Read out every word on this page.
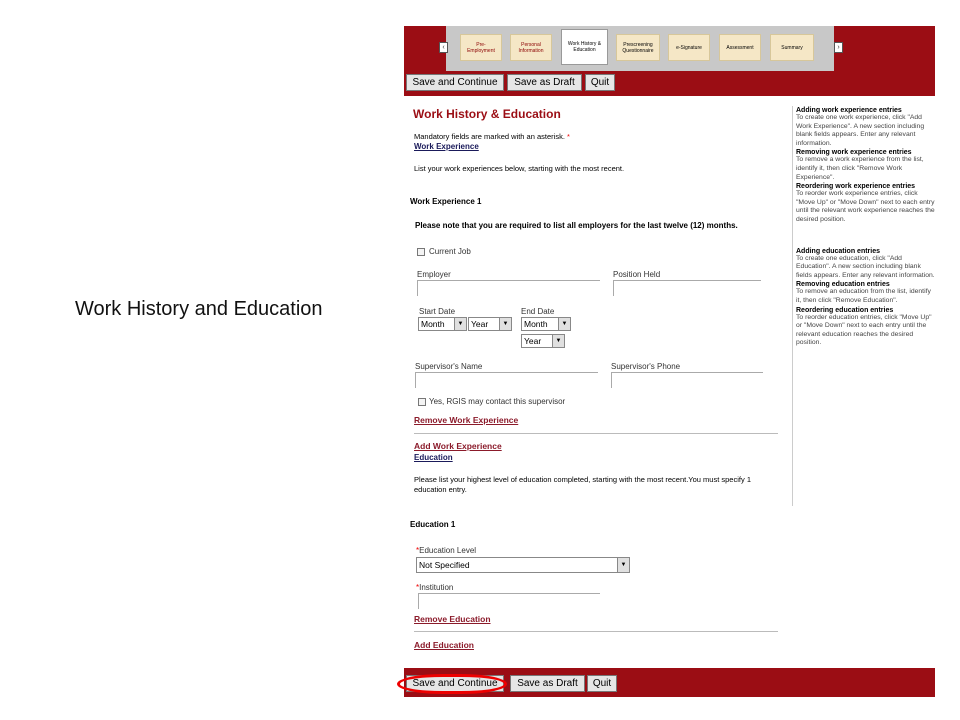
Work History and Education
‹	Pre-
Employment
Personal
Information
Work History &
Education
Prescreening
Questionnaire	e-Signature	Assessment	Summary	›
Save and Continue	Save as Draft	Quit
Work History & Education
Mandatory fields are marked with an asterisk. *
Work Experience
List your work experiences below, starting with the most recent.
Work Experience 1
Please note that you are required to list all employers for the last twelve (12) months.
Current Job
Employer	Position Held
Start Date
Month	▼ Year	▼
End Date
Month	▼
Year	▼
Supervisor's Name	Supervisor's Phone
Yes, RGIS may contact this supervisor
Remove Work Experience
Add Work Experience
Education
Please list your highest level of education completed, starting with the most recent.You must specify 1 education entry.
Education 1
*Education Level
Not Specified	▼
*Institution
Remove Education
Add Education
Adding work experience entries
To create one work experience, click "Add Work Experience". A new section including blank fields appears. Enter any relevant information.
Removing work experience entries
To remove a work experience from the list, identify it, then click "Remove Work Experience".
Reordering work experience entries
To reorder work experience entries, click "Move Up" or "Move Down" next to each entry until the relevant work experience reaches the desired position.
Adding education entries
To create one education, click "Add Education". A new section including blank fields appears. Enter any relevant information.
Removing education entries
To remove an education from the list, identify it, then click "Remove Education".
Reordering education entries
To reorder education entries, click "Move Up" or "Move Down" next to each entry until the relevant education reaches the desired position.
Save and Continue	Save as Draft	Quit
